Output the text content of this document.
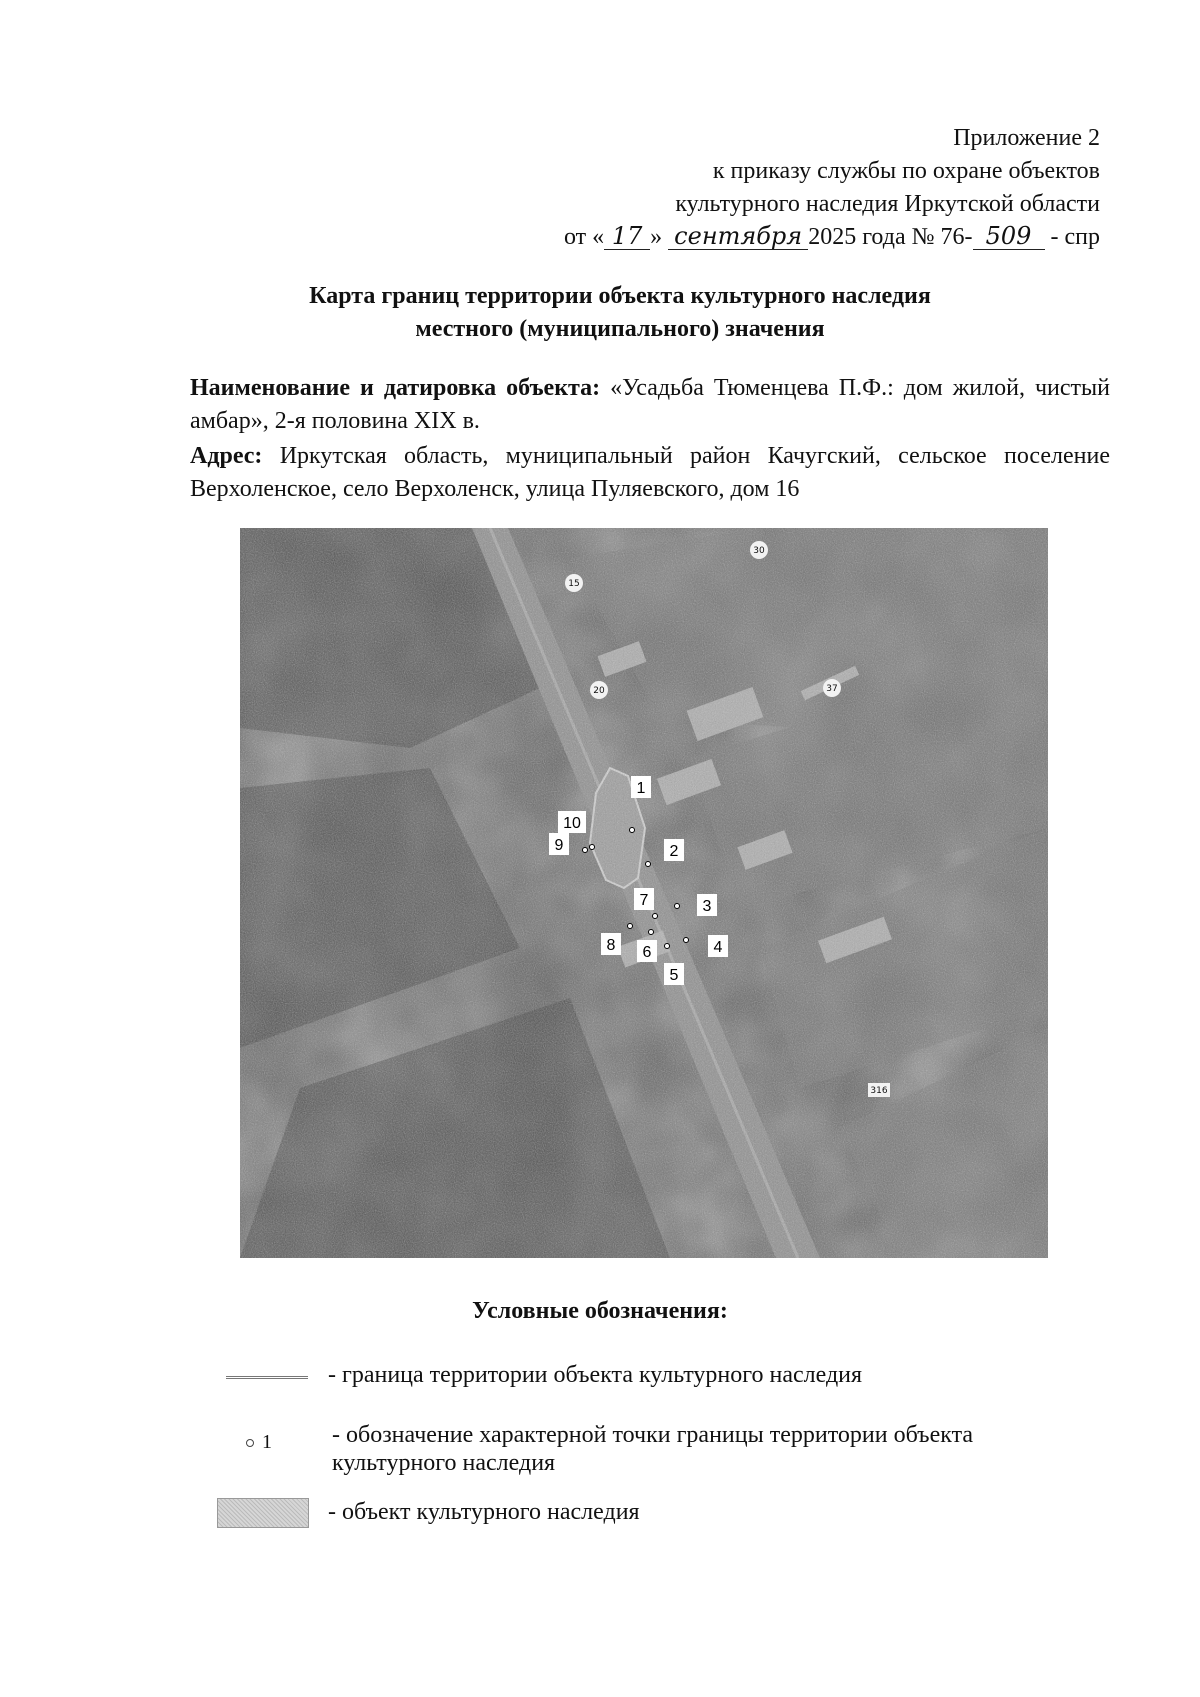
Приложение 2
к приказу службы по охране объектов
культурного наследия Иркутской области
от « 17 » сентября 2025 года № 76- 509 - спр
Карта границ территории объекта культурного наследия
местного (муниципального) значения
Наименование и датировка объекта: «Усадьба Тюменцева П.Ф.: дом жилой, чистый амбар», 2-я половина XIX в.
Адрес: Иркутская область, муниципальный район Качугский, сельское поселение Верхоленское, село Верхоленск, улица Пуляевского, дом 16
30
15
20	37
316
1
2
3
4
5
6
7
8
9
10
Условные обозначения:
- граница территории объекта культурного наследия
1	- обозначение характерной точки границы территории объекта культурного наследия
- объект культурного наследия
